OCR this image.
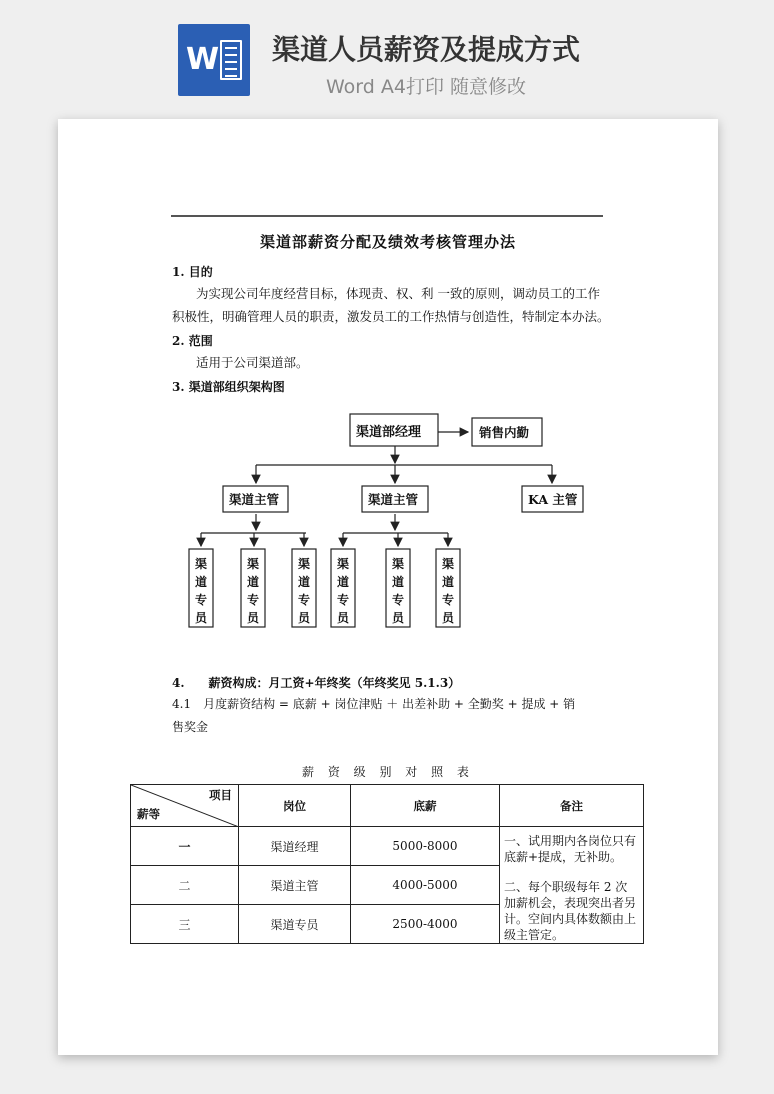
W 渠道人员薪资及提成方式
Word A4打印 随意修改
渠道部薪资分配及绩效考核管理办法
1. 目的
为实现公司年度经营目标，体现责、权、利 一致的原则，调动员工的工作
积极性，明确管理人员的职责，激发员工的工作热情与创造性，特制定本办法。
2. 范围
适用于公司渠道部。
3. 渠道部组织架构图
渠道部经理	销售内勤
渠道主管	渠道主管	KA 主管
渠
道
专
员
渠
道
专
员
渠
道
专
员
渠
道
专
员
渠
道
专
员
渠
道
专
员
4.　　薪资构成：月工资+年终奖（年终奖见 5.1.3）
4.1　月度薪资结构 = 底薪 + 岗位津贴 ＋ 出差补助 + 全勤奖 + 提成 + 销
售奖金
薪 资 级 别 对 照 表
项目
薪等	岗位	底薪	备注
一	渠道经理	5000-8000	一、试用期内各岗位只有底薪+提成，无补助。
二、每个职级每年 2 次加薪机会，表现突出者另计。空间内具体数额由上级主管定。

二	渠道主管	4000-5000	
三	渠道专员	2500-4000	
